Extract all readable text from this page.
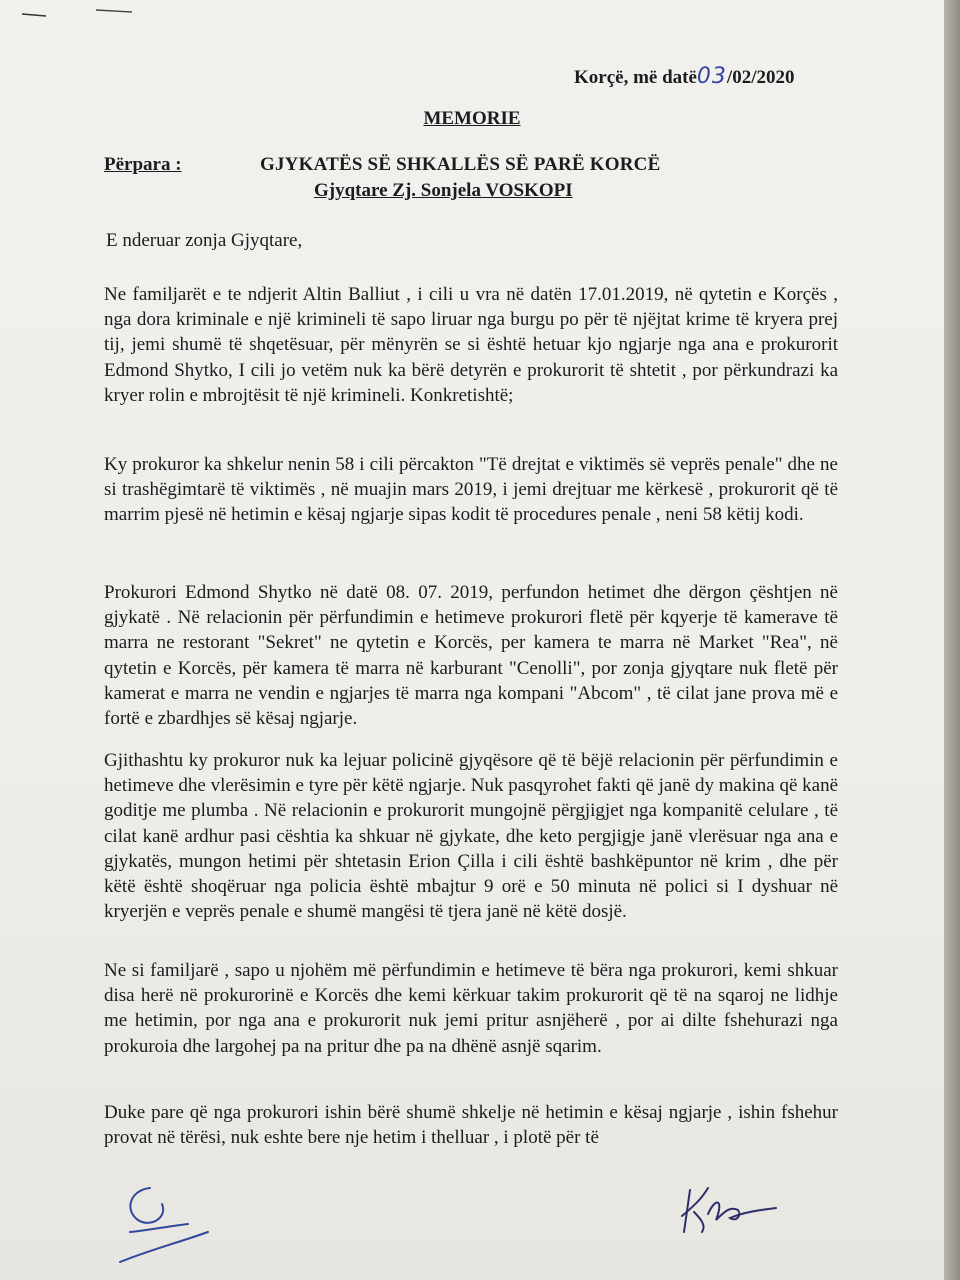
Korçë, më datë03/02/2020
MEMORIE
Përpara :	GJYKATËS SË SHKALLËS SË PARË KORCË
Gjyqtare Zj. Sonjela VOSKOPI
E nderuar zonja Gjyqtare,

Ne familjarët e te ndjerit Altin Balliut , i cili u vra në datën 17.01.2019, në qytetin e Korçës , nga dora kriminale e një krimineli të sapo liruar nga burgu po për të njëjtat krime të kryera prej tij, jemi shumë të shqetësuar, për mënyrën se si është hetuar kjo ngjarje nga ana e prokurorit Edmond Shytko, I cili jo vetëm nuk ka bërë detyrën e prokurorit të shtetit , por përkundrazi ka kryer rolin e mbrojtësit të një krimineli. Konkretishtë;

Ky prokuror ka shkelur nenin 58 i cili përcakton "Të drejtat e viktimës së veprës penale" dhe ne si trashëgimtarë të viktimës , në muajin mars 2019, i jemi drejtuar me kërkesë , prokurorit që të marrim pjesë në hetimin e kësaj ngjarje sipas kodit të procedures penale , neni 58 këtij kodi.

Prokurori Edmond Shytko në datë 08. 07. 2019, perfundon hetimet dhe dërgon çështjen në gjykatë . Në relacionin për përfundimin e hetimeve prokurori fletë për kqyerje të kamerave të marra ne restorant "Sekret" ne qytetin e Korcës, per kamera te marra në Market "Rea", në qytetin e Korcës, për kamera të marra në karburant "Cenolli", por zonja gjyqtare nuk fletë për kamerat e marra ne vendin e ngjarjes të marra nga kompani "Abcom" , të cilat jane prova më e fortë e zbardhjes së kësaj ngjarje.

Gjithashtu ky prokuror nuk ka lejuar policinë gjyqësore që të bëjë relacionin për përfundimin e hetimeve dhe vlerësimin e tyre për këtë ngjarje. Nuk pasqyrohet fakti që janë dy makina që kanë goditje me plumba . Në relacionin e prokurorit mungojnë përgjigjet nga kompanitë celulare , të cilat kanë ardhur pasi cështia ka shkuar në gjykate, dhe keto pergjigje janë vlerësuar nga ana e gjykatës, mungon hetimi për shtetasin Erion Çilla i cili është bashkëpuntor në krim , dhe për këtë është shoqëruar nga policia është mbajtur 9 orë e 50 minuta në polici si I dyshuar në kryerjën e veprës penale e shumë mangësi të tjera janë në këtë dosjë.

Ne si familjarë , sapo u njohëm më përfundimin e hetimeve të bëra nga prokurori, kemi shkuar disa herë në prokurorinë e Korcës dhe kemi kërkuar takim prokurorit që të na sqaroj ne lidhje me hetimin, por nga ana e prokurorit nuk jemi pritur asnjëherë , por ai dilte fshehurazi nga prokuroia dhe largohej pa na pritur dhe pa na dhënë asnjë sqarim.

Duke pare që nga prokurori ishin bërë shumë shkelje në hetimin e kësaj ngjarje , ishin fshehur provat në tërësi, nuk eshte bere nje hetim i thelluar , i plotë për të
